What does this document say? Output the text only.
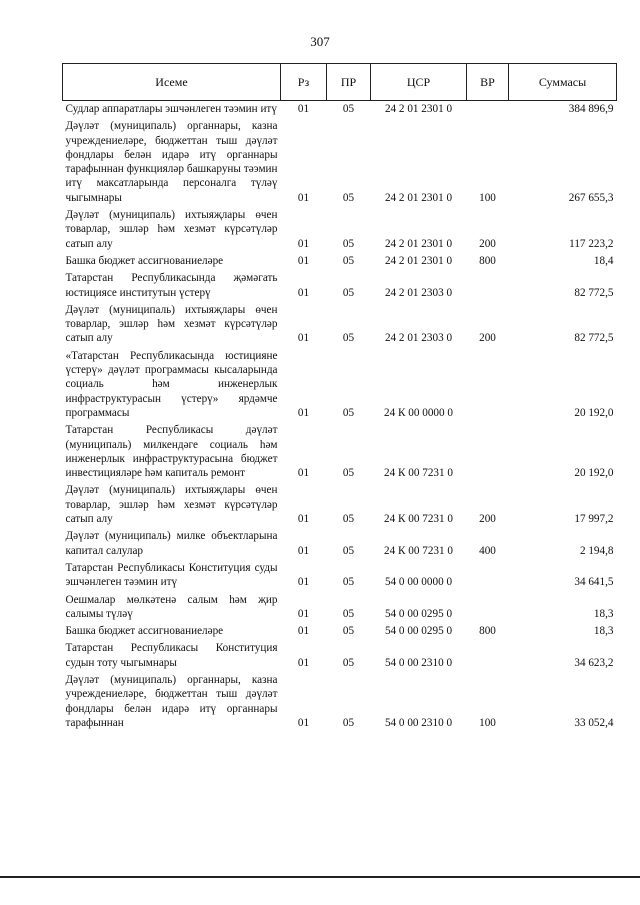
307
Исеме	Рз	ПР	ЦСР	ВР	Суммасы
Судлар аппаратлары эшчәнлеген тәэмин итү	01	05	24 2 01 2301 0		384 896,9
Дәүләт (муниципаль) органнары, казна учреждениеләре, бюджеттан тыш дәүләт фондлары белән идарә итү органнары тарафыннан функцияләр башкаруны тәэмин итү максатларында персоналга түләү чыгымнары	01	05	24 2 01 2301 0	100	267 655,3
Дәүләт (муниципаль) ихтыяҗлары өчен товарлар, эшләр һәм хезмәт күрсәтүләр сатып алу	01	05	24 2 01 2301 0	200	117 223,2
Башка бюджет ассигнованиеләре	01	05	24 2 01 2301 0	800	18,4
Татарстан Республикасында җәмәгать юстициясе институтын үстерү	01	05	24 2 01 2303 0		82 772,5
Дәүләт (муниципаль) ихтыяҗлары өчен товарлар, эшләр һәм хезмәт күрсәтүләр сатып алу	01	05	24 2 01 2303 0	200	82 772,5
«Татарстан Республикасында юстицияне үстерү» дәүләт программасы кысаларында социаль һәм инженерлык инфраструктурасын үстерү» ярдәмче программасы	01	05	24 К 00 0000 0		20 192,0
Татарстан Республикасы дәүләт (муниципаль) милкендәге социаль һәм инженерлык инфраструктурасына бюджет инвестицияләре һәм капиталь ремонт	01	05	24 К 00 7231 0		20 192,0
Дәүләт (муниципаль) ихтыяҗлары өчен товарлар, эшләр һәм хезмәт күрсәтүләр сатып алу	01	05	24 К 00 7231 0	200	17 997,2
Дәүләт (муниципаль) милке объектларына капитал салулар	01	05	24 К 00 7231 0	400	2 194,8
Татарстан Республикасы Конституция суды эшчәнлеген тәэмин итү	01	05	54 0 00 0000 0		34 641,5
Оешмалар мөлкәтенә салым һәм җир салымы түләү	01	05	54 0 00 0295 0		18,3
Башка бюджет ассигнованиеләре	01	05	54 0 00 0295 0	800	18,3
Татарстан Республикасы Конституция судын тоту чыгымнары	01	05	54 0 00 2310 0		34 623,2
Дәүләт (муниципаль) органнары, казна учреждениеләре, бюджеттан тыш дәүләт фондлары белән идарә итү органнары тарафыннан	01	05	54 0 00 2310 0	100	33 052,4
